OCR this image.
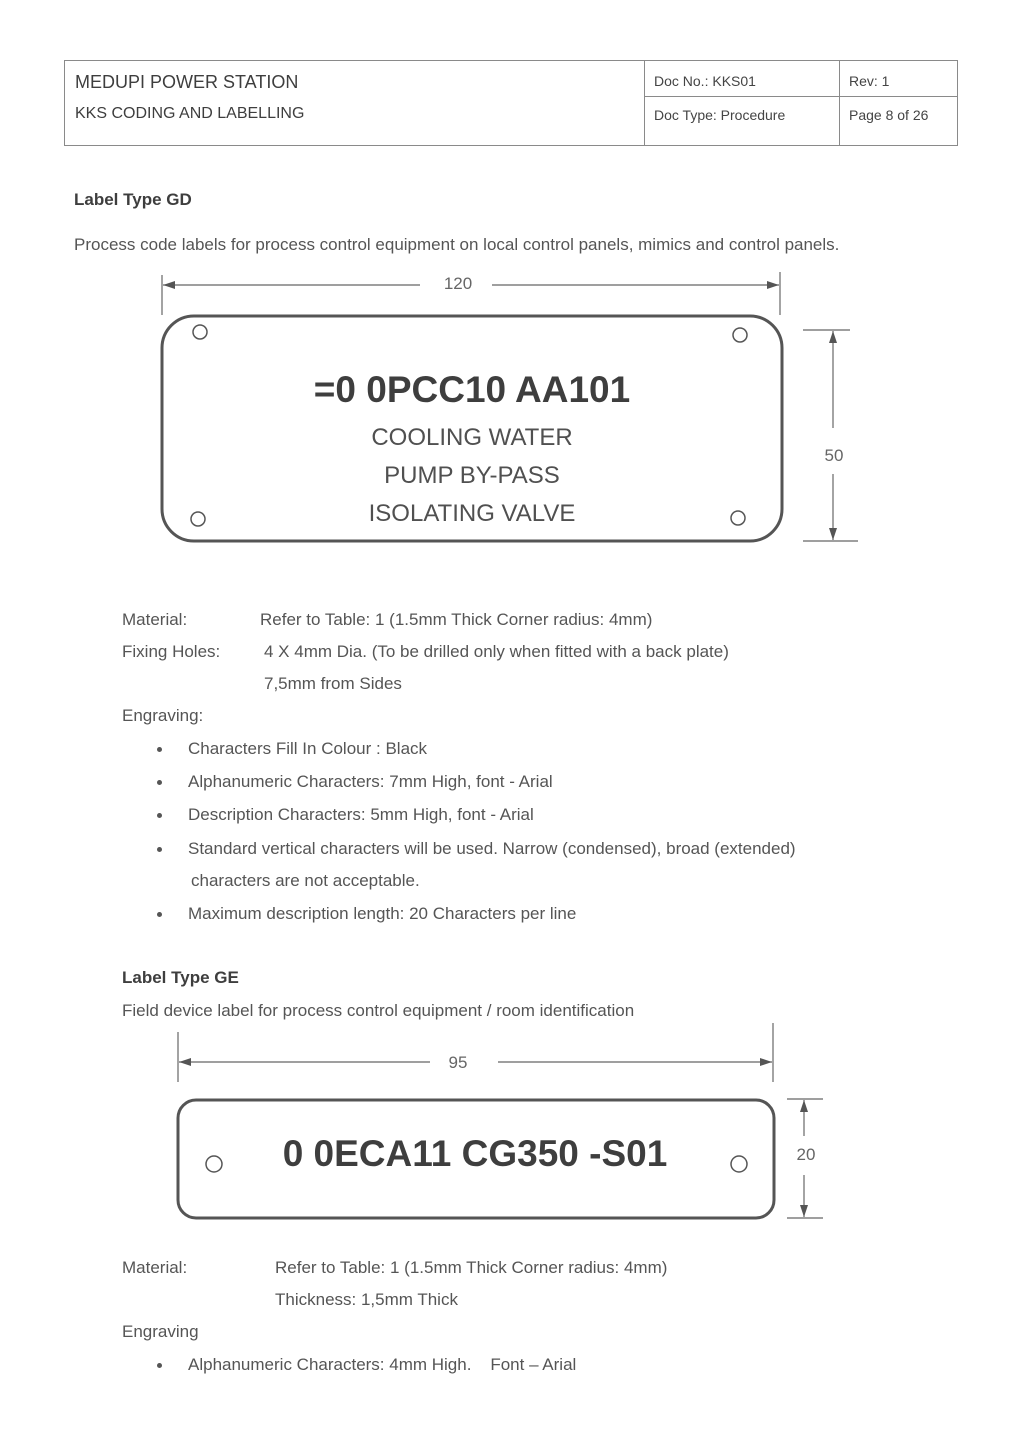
MEDUPI POWER STATION
KKS CODING AND LABELLING
Doc No.: KKS01	Rev: 1
Doc Type: Procedure	Page 8 of 26
Label Type GD
Process code labels for process control equipment on local control panels, mimics and control panels.
120
50
=0 0PCC10 AA101
COOLING WATER
PUMP BY-PASS
ISOLATING VALVE
Material:	Refer to Table: 1 (1.5mm Thick Corner radius: 4mm)
Fixing Holes:	4 X 4mm Dia. (To be drilled only when fitted with a back plate)
7,5mm from Sides
Engraving:
Characters Fill In Colour : Black
Alphanumeric Characters: 7mm High, font - Arial
Description Characters: 5mm High, font - Arial
Standard vertical characters will be used. Narrow (condensed), broad (extended)
characters are not acceptable.
Maximum description length: 20 Characters per line
Label Type GE
Field device label for process control equipment / room identification
95
20
0 0ECA11 CG350 -S01
Material:	Refer to Table: 1 (1.5mm Thick Corner radius: 4mm)
Thickness: 1,5mm Thick
Engraving
Alphanumeric Characters: 4mm High.    Font – Arial
